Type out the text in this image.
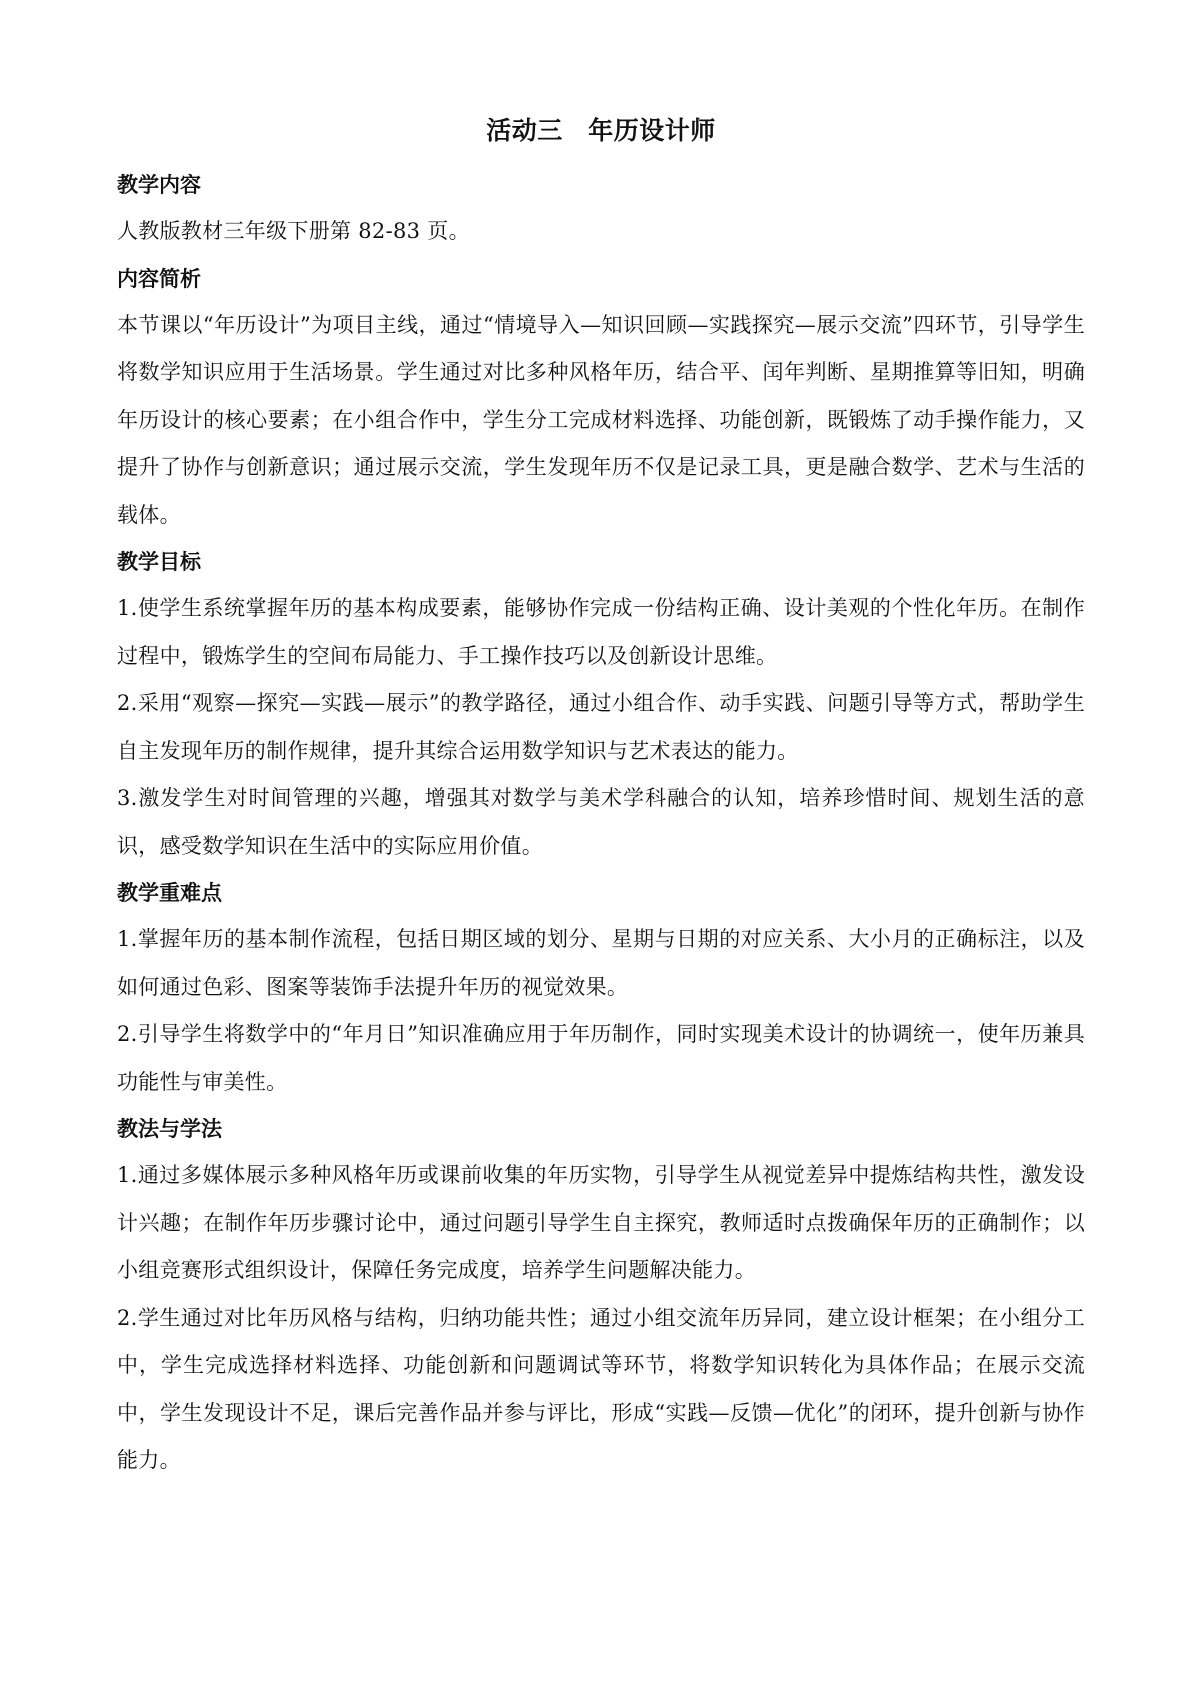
活动三　年历设计师
教学内容

人教版教材三年级下册第 82-83 页。

内容简析

本节课以“年历设计”为项目主线，通过“情境导入—知识回顾—实践探究—展示交流”四环节，引导学生将数学知识应用于生活场景。学生通过对比多种风格年历，结合平、闰年判断、星期推算等旧知，明确年历设计的核心要素；在小组合作中，学生分工完成材料选择、功能创新，既锻炼了动手操作能力，又提升了协作与创新意识；通过展示交流，学生发现年历不仅是记录工具，更是融合数学、艺术与生活的载体。

教学目标

1.使学生系统掌握年历的基本构成要素，能够协作完成一份结构正确、设计美观的个性化年历。在制作过程中，锻炼学生的空间布局能力、手工操作技巧以及创新设计思维。

2.采用“观察—探究—实践—展示”的教学路径，通过小组合作、动手实践、问题引导等方式，帮助学生自主发现年历的制作规律，提升其综合运用数学知识与艺术表达的能力。

3.激发学生对时间管理的兴趣，增强其对数学与美术学科融合的认知，培养珍惜时间、规划生活的意识，感受数学知识在生活中的实际应用价值。

教学重难点

1.掌握年历的基本制作流程，包括日期区域的划分、星期与日期的对应关系、大小月的正确标注，以及如何通过色彩、图案等装饰手法提升年历的视觉效果。

2.引导学生将数学中的“年月日”知识准确应用于年历制作，同时实现美术设计的协调统一，使年历兼具功能性与审美性。

教法与学法

1.通过多媒体展示多种风格年历或课前收集的年历实物，引导学生从视觉差异中提炼结构共性，激发设计兴趣；在制作年历步骤讨论中，通过问题引导学生自主探究，教师适时点拨确保年历的正确制作；以小组竞赛形式组织设计，保障任务完成度，培养学生问题解决能力。

2.学生通过对比年历风格与结构，归纳功能共性；通过小组交流年历异同，建立设计框架；在小组分工中，学生完成选择材料选择、功能创新和问题调试等环节，将数学知识转化为具体作品；在展示交流中，学生发现设计不足，课后完善作品并参与评比，形成“实践—反馈—优化”的闭环，提升创新与协作能力。
